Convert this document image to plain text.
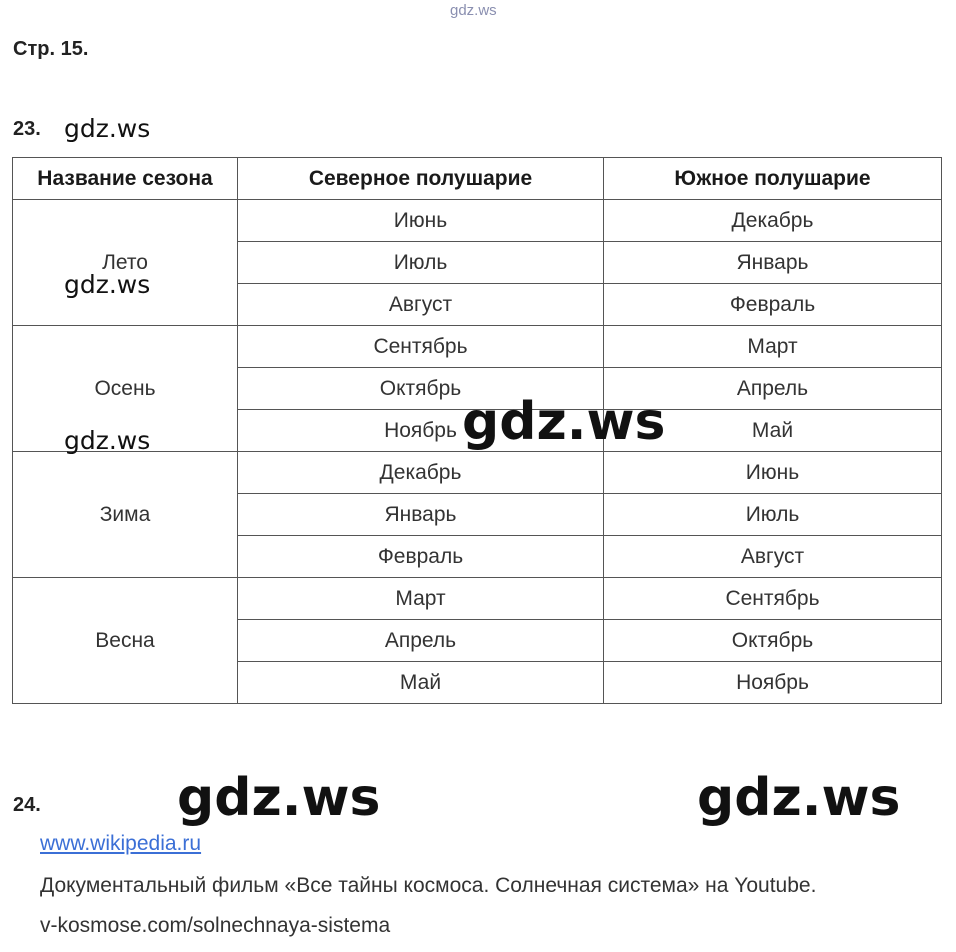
gdz.ws
Стр. 15.
23. gdz.ws
Название сезона	Северное полушарие	Южное полушарие
Лето	Июнь	Декабрь
	Июль	Январь
	Август	Февраль
Осень	Сентябрь	Март
	Октябрь	Апрель
	Ноябрь	Май
Зима	Декабрь	Июнь
	Январь	Июль
	Февраль	Август
Весна	Март	Сентябрь
	Апрель	Октябрь
	Май	Ноябрь
gdz.ws
gdz.ws	gdz.ws
24.	gdz.ws	gdz.ws
www.wikipedia.ru
Документальный фильм «Все тайны космоса. Солнечная система» на Youtube.
v-kosmose.com/solnechnaya-sistema
